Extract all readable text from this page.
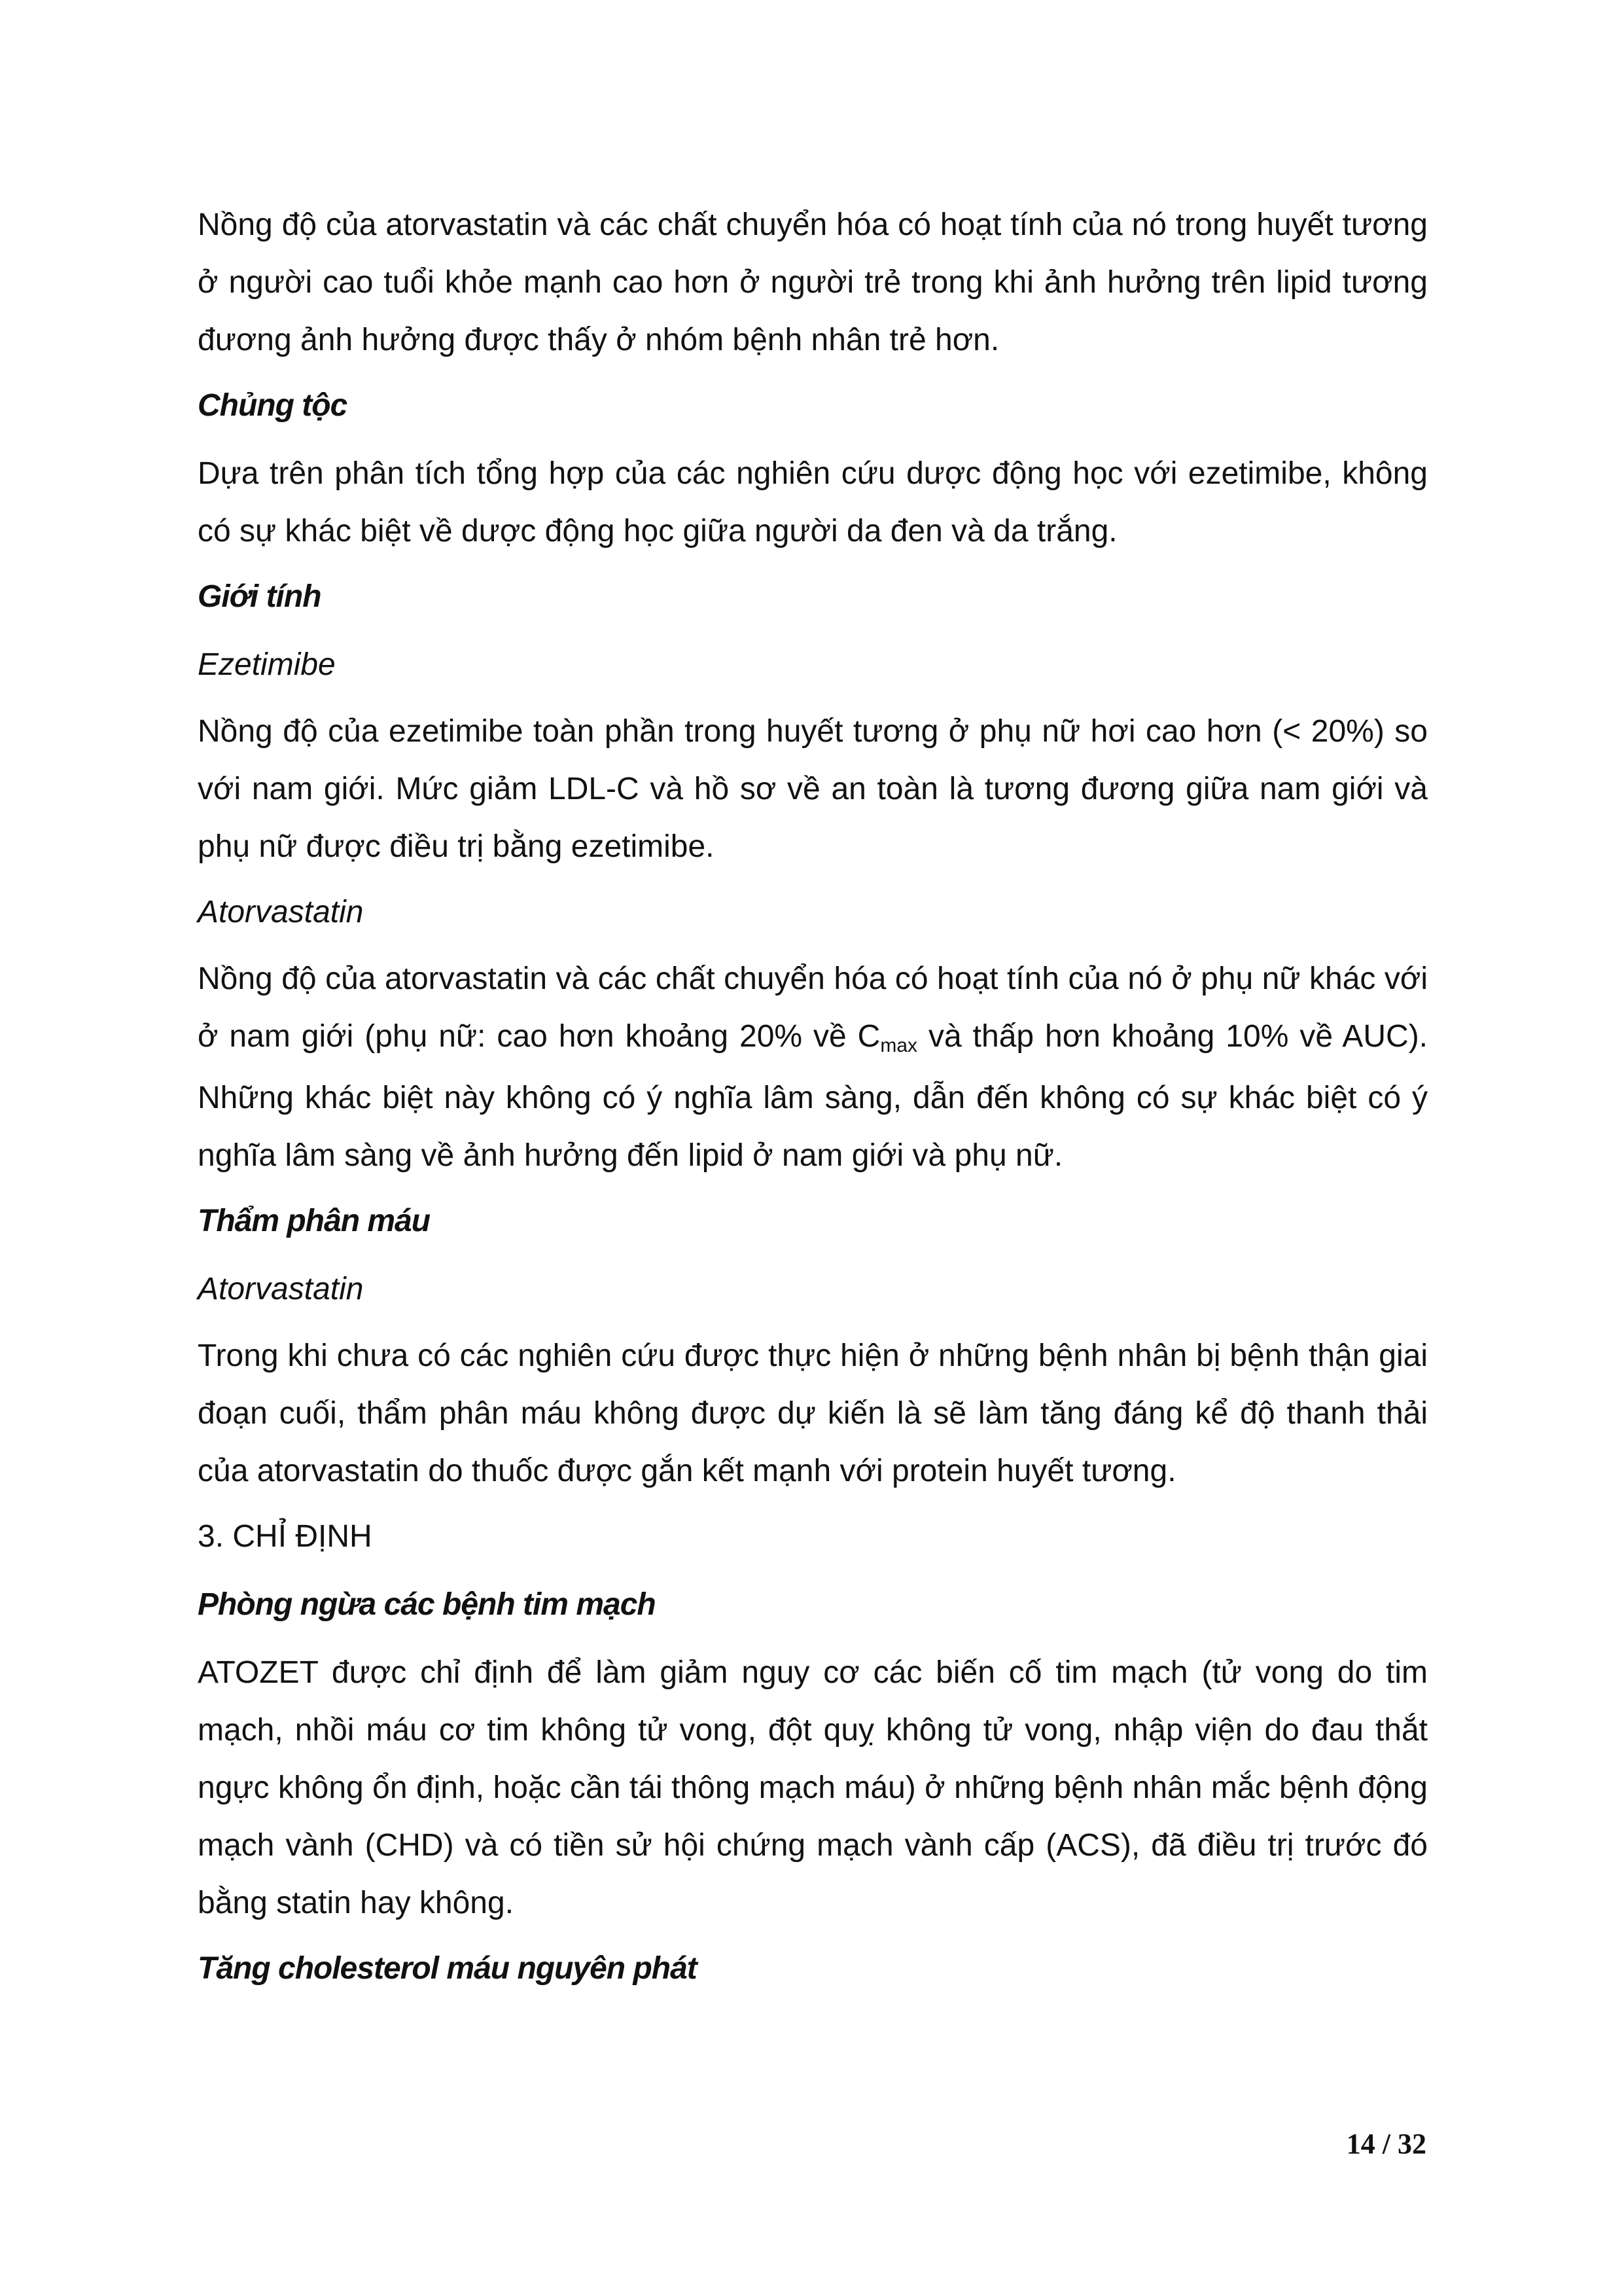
Nồng độ của atorvastatin và các chất chuyển hóa có hoạt tính của nó trong huyết tương ở người cao tuổi khỏe mạnh cao hơn ở người trẻ trong khi ảnh hưởng trên lipid tương đương ảnh hưởng được thấy ở nhóm bệnh nhân trẻ hơn.

Chủng tộc

Dựa trên phân tích tổng hợp của các nghiên cứu dược động học với ezetimibe, không có sự khác biệt về dược động học giữa người da đen và da trắng.

Giới tính

Ezetimibe

Nồng độ của ezetimibe toàn phần trong huyết tương ở phụ nữ hơi cao hơn (< 20%) so với nam giới. Mức giảm LDL-C và hồ sơ về an toàn là tương đương giữa nam giới và phụ nữ được điều trị bằng ezetimibe.

Atorvastatin

Nồng độ của atorvastatin và các chất chuyển hóa có hoạt tính của nó ở phụ nữ khác với ở nam giới (phụ nữ: cao hơn khoảng 20% về $C_{max}$ và thấp hơn khoảng 10% về AUC). Những khác biệt này không có ý nghĩa lâm sàng, dẫn đến không có sự khác biệt có ý nghĩa lâm sàng về ảnh hưởng đến lipid ở nam giới và phụ nữ.

Thẩm phân máu

Atorvastatin

Trong khi chưa có các nghiên cứu được thực hiện ở những bệnh nhân bị bệnh thận giai đoạn cuối, thẩm phân máu không được dự kiến là sẽ làm tăng đáng kể độ thanh thải của atorvastatin do thuốc được gắn kết mạnh với protein huyết tương.

3. CHỈ ĐỊNH

Phòng ngừa các bệnh tim mạch

ATOZET được chỉ định để làm giảm nguy cơ các biến cố tim mạch (tử vong do tim mạch, nhồi máu cơ tim không tử vong, đột quỵ không tử vong, nhập viện do đau thắt ngực không ổn định, hoặc cần tái thông mạch máu) ở những bệnh nhân mắc bệnh động mạch vành (CHD) và có tiền sử hội chứng mạch vành cấp (ACS), đã điều trị trước đó bằng statin hay không.

Tăng cholesterol máu nguyên phát

14 / 32
